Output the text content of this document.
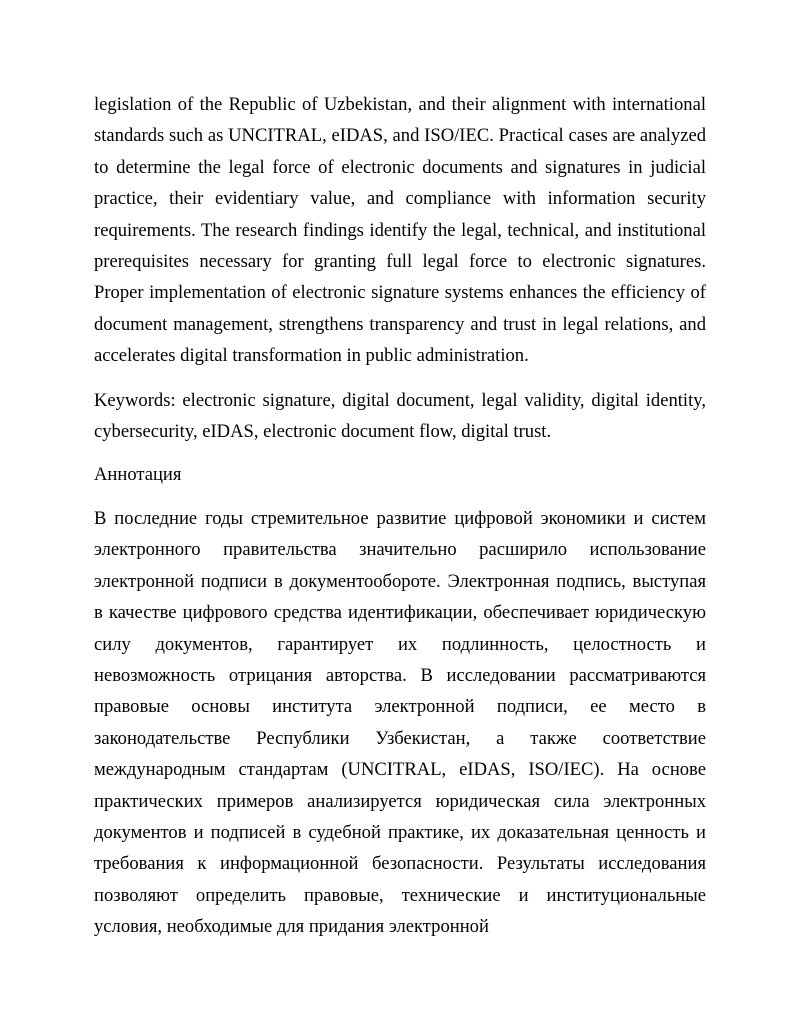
legislation of the Republic of Uzbekistan, and their alignment with international standards such as UNCITRAL, eIDAS, and ISO/IEC. Practical cases are analyzed to determine the legal force of electronic documents and signatures in judicial practice, their evidentiary value, and compliance with information security requirements. The research findings identify the legal, technical, and institutional prerequisites necessary for granting full legal force to electronic signatures. Proper implementation of electronic signature systems enhances the efficiency of document management, strengthens transparency and trust in legal relations, and accelerates digital transformation in public administration.

Keywords: electronic signature, digital document, legal validity, digital identity, cybersecurity, eIDAS, electronic document flow, digital trust.

Аннотация

В последние годы стремительное развитие цифровой экономики и систем электронного правительства значительно расширило использование электронной подписи в документообороте. Электронная подпись, выступая в качестве цифрового средства идентификации, обеспечивает юридическую силу документов, гарантирует их подлинность, целостность и невозможность отрицания авторства. В исследовании рассматриваются правовые основы института электронной подписи, ее место в законодательстве Республики Узбекистан, а также соответствие международным стандартам (UNCITRAL, eIDAS, ISO/IEC). На основе практических примеров анализируется юридическая сила электронных документов и подписей в судебной практике, их доказательная ценность и требования к информационной безопасности. Результаты исследования позволяют определить правовые, технические и институциональные условия, необходимые для придания электронной
